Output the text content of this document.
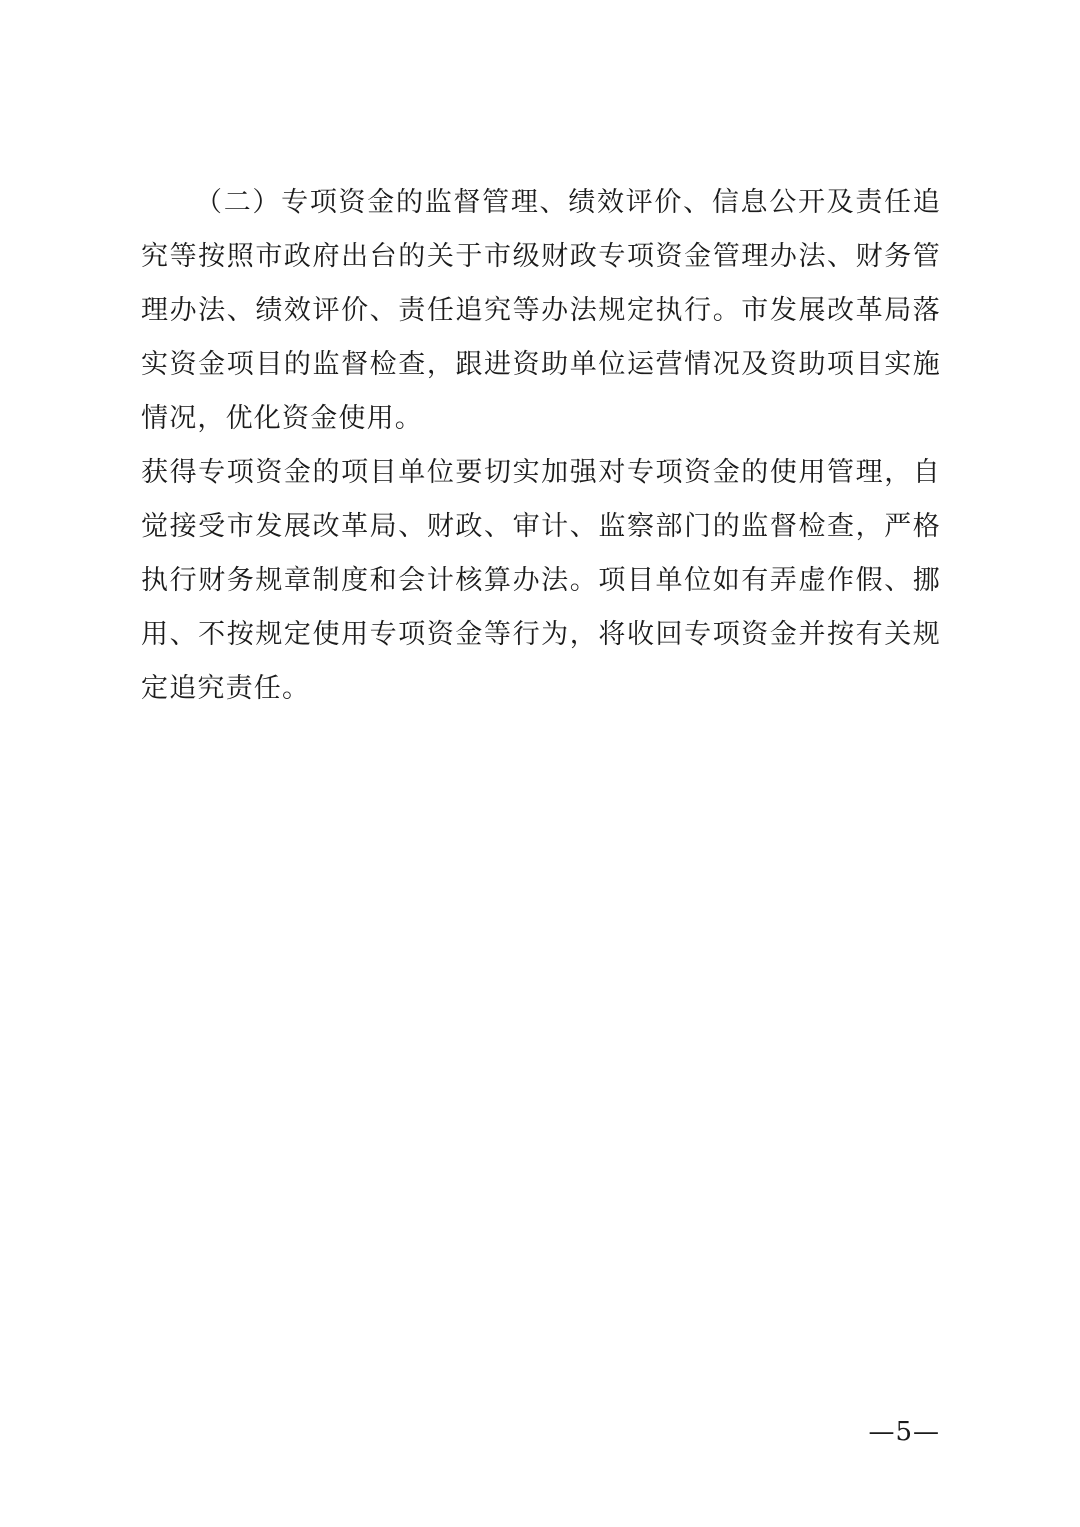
（二）专项资金的监督管理、绩效评价、信息公开及责任追究等按照市政府出台的关于市级财政专项资金管理办法、财务管理办法、绩效评价、责任追究等办法规定执行。市发展改革局落实资金项目的监督检查，跟进资助单位运营情况及资助项目实施情况，优化资金使用。

获得专项资金的项目单位要切实加强对专项资金的使用管理，自觉接受市发展改革局、财政、审计、监察部门的监督检查，严格执行财务规章制度和会计核算办法。项目单位如有弄虚作假、挪用、不按规定使用专项资金等行为，将收回专项资金并按有关规定追究责任。

—5—
